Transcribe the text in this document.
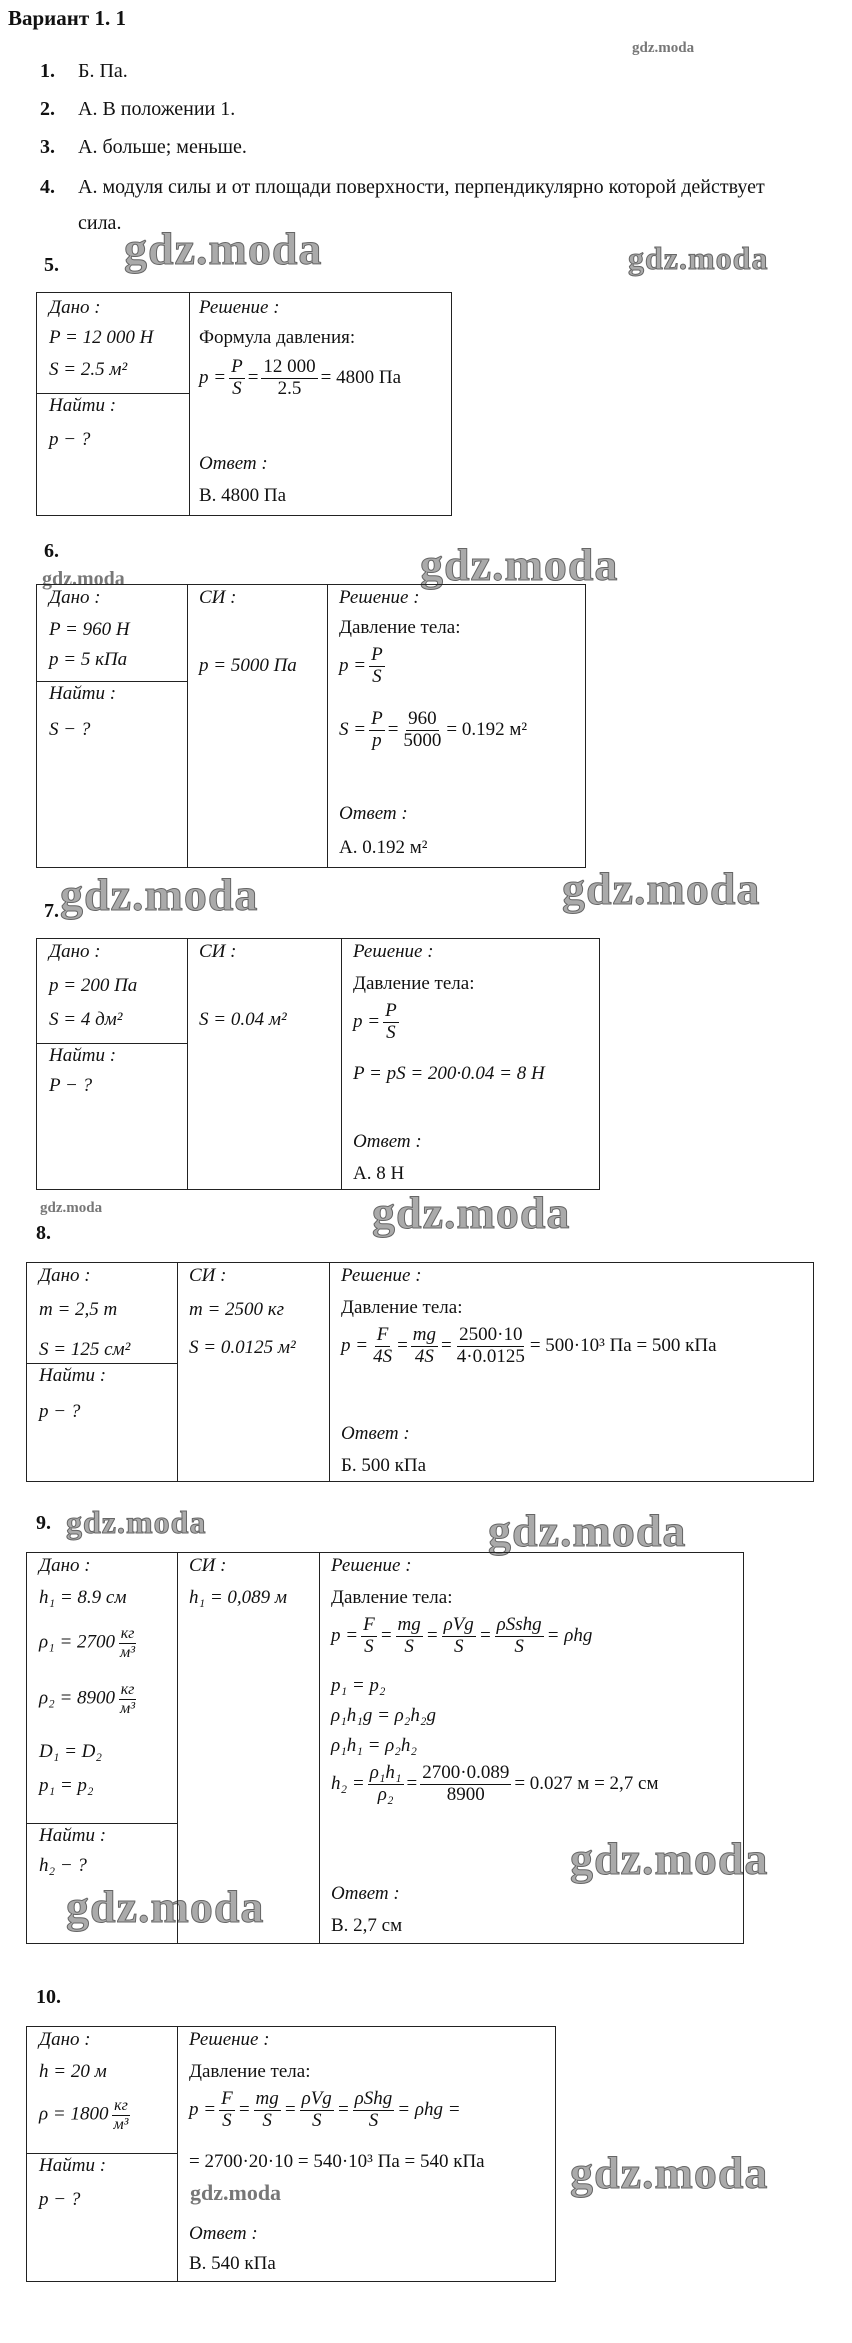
Вариант 1. 1
1. Б. Па.
2. А. В положении 1.
3. А. больше; меньше.
4. А. модуля силы и от площади поверхности, перпендикулярно которой действует
сила.
gdz.moda
gdz.moda	gdz.moda
gdz.moda	gdz.moda
gdz.moda	gdz.moda
gdz.moda	gdz.moda
gdz.moda	gdz.moda
gdz.moda
gdz.moda
gdz.moda
gdz.moda
5.
Дано :
P = 12 000 Н
S = 2.5 м²
Найти :
p − ?
Решение :
Формула давления:
$p = \frac{P}{S} = \frac{12 000}{2.5} = 4800$ Па
Ответ :
В. 4800 Па
6.
Дано :
P = 960 Н
p = 5 кПа
Найти :
S − ?
СИ :
p = 5000 Па
Решение :
Давление тела:
$p = \frac{P}{S}$
$S = \frac{P}{p} = \frac{960}{5000} = 0.192$ м²
Ответ :
А. 0.192 м²
7.
Дано :
p = 200 Па
S = 4 дм²
Найти :
P − ?
СИ :
S = 0.04 м²
Решение :
Давление тела:
$p = \frac{P}{S}$
P = pS = 200·0.04 = 8 Н
Ответ :
А. 8 Н
8.
Дано :
m = 2,5 т
S = 125 см²
Найти :
p − ?
СИ :
m = 2500 кг
S = 0.0125 м²
Решение :
Давление тела:
$p = \frac{F}{4S} = \frac{mg}{4S} = \frac{2500\cdot 10}{4\cdot 0.0125} = 500\cdot 10^3$ Па = 500 кПа
Ответ :
Б. 500 кПа
9.
Дано :
h₁ = 8.9 см
$\rho_1 = 2700 \frac{кг}{\text{м³}}$
$\rho_2 = 8900 \frac{кг}{\text{м³}}$
D₁ = D₂
p₁ = p₂
Найти :
h₂ − ?
СИ :
h₁ = 0,089 м
Решение :
Давление тела:
$p = \frac{F}{S} = \frac{mg}{S} = \frac{\text{ρVg}}{S} = \frac{\text{ρSshg}}{S} = \rho hg$
p₁ = p₂
ρ₁h₁g = ρ₂h₂g
ρ₁h₁ = ρ₂h₂
$h_2 = \frac{\text{ρ₁h₁}}{\text{ρ₂}} = \frac{2700\cdot 0.089}{8900} = 0.027$ м = 2,7 см
Ответ :
В. 2,7 см
10.
Дано :
h = 20 м
$\rho = 1800 \frac{кг}{\text{м³}}$
Найти :
p − ?
Решение :
Давление тела:
$p = \frac{F}{S} = \frac{mg}{S} = \frac{\text{ρVg}}{S} = \frac{\text{ρShg}}{S} = \rho hg$ =
= 2700·20·10 = 540·10³ Па = 540 кПа
Ответ :
В. 540 кПа
